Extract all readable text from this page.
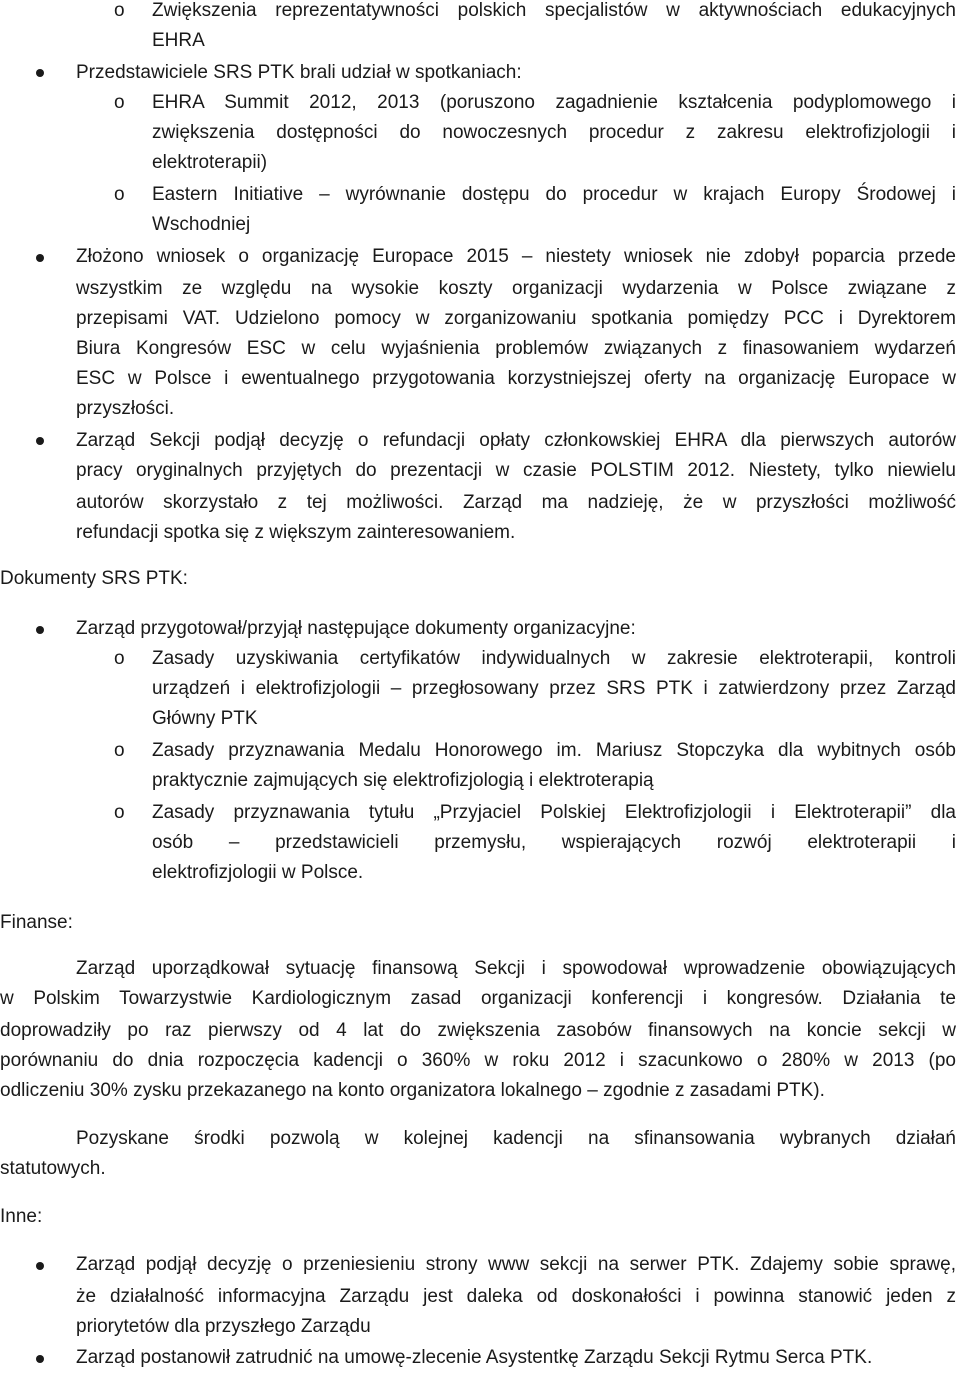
o Zwiększenia reprezentatywności polskich specjalistów w aktywnościach edukacyjnych
EHRA
Przedstawiciele SRS PTK brali udział w spotkaniach:
o EHRA Summit 2012, 2013 (poruszono zagadnienie kształcenia podyplomowego i
zwiększenia dostępności do nowoczesnych procedur z zakresu elektrofizjologii i
elektroterapii)
o Eastern Initiative – wyrównanie dostępu do procedur w krajach Europy Środowej i
Wschodniej
Złożono wniosek o organizację Europace 2015 – niestety wniosek nie zdobył poparcia przede
wszystkim ze względu na wysokie koszty organizacji wydarzenia w Polsce związane z
przepisami VAT. Udzielono pomocy w zorganizowaniu spotkania pomiędzy PCC i Dyrektorem
Biura Kongresów ESC w celu wyjaśnienia problemów związanych z finasowaniem wydarzeń
ESC w Polsce i ewentualnego przygotowania korzystniejszej oferty na organizację Europace w
przyszłości.
Zarząd Sekcji podjął decyzję o refundacji opłaty członkowskiej EHRA dla pierwszych autorów
pracy oryginalnych przyjętych do prezentacji w czasie POLSTIM 2012. Niestety, tylko niewielu
autorów skorzystało z tej możliwości. Zarząd ma nadzieję, że w przyszłości możliwość
refundacji spotka się z większym zainteresowaniem.
Dokumenty SRS PTK:
Zarząd przygotował/przyjął następujące dokumenty organizacyjne:
o Zasady uzyskiwania certyfikatów indywidualnych w zakresie elektroterapii, kontroli
urządzeń i elektrofizjologii – przegłosowany przez SRS PTK i zatwierdzony przez Zarząd
Główny PTK
o Zasady przyznawania Medalu Honorowego im. Mariusz Stopczyka dla wybitnych osób
praktycznie zajmujących się elektrofizjologią i elektroterapią
o Zasady przyznawania tytułu „Przyjaciel Polskiej Elektrofizjologii i Elektroterapii” dla
osób – przedstawicieli przemysłu, wspierających rozwój elektroterapii i
elektrofizjologii w Polsce.
Finanse:
Zarząd uporządkował sytuację finansową Sekcji i spowodował wprowadzenie obowiązujących
w Polskim Towarzystwie Kardiologicznym zasad organizacji konferencji i kongresów. Działania te
doprowadziły po raz pierwszy od 4 lat do zwiększenia zasobów finansowych na koncie sekcji w
porównaniu do dnia rozpoczęcia kadencji o 360% w roku 2012 i szacunkowo o 280% w 2013 (po
odliczeniu 30% zysku przekazanego na konto organizatora lokalnego – zgodnie z zasadami PTK).
Pozyskane środki pozwolą w kolejnej kadencji na sfinansowania wybranych działań
statutowych.
Inne:
Zarząd podjął decyzję o przeniesieniu strony www sekcji na serwer PTK. Zdajemy sobie sprawę,
że działalność informacyjna Zarządu jest daleka od doskonałości i powinna stanowić jeden z
priorytetów dla przyszłego Zarządu
Zarząd postanowił zatrudnić na umowę-zlecenie Asystentkę Zarządu Sekcji Rytmu Serca PTK.
